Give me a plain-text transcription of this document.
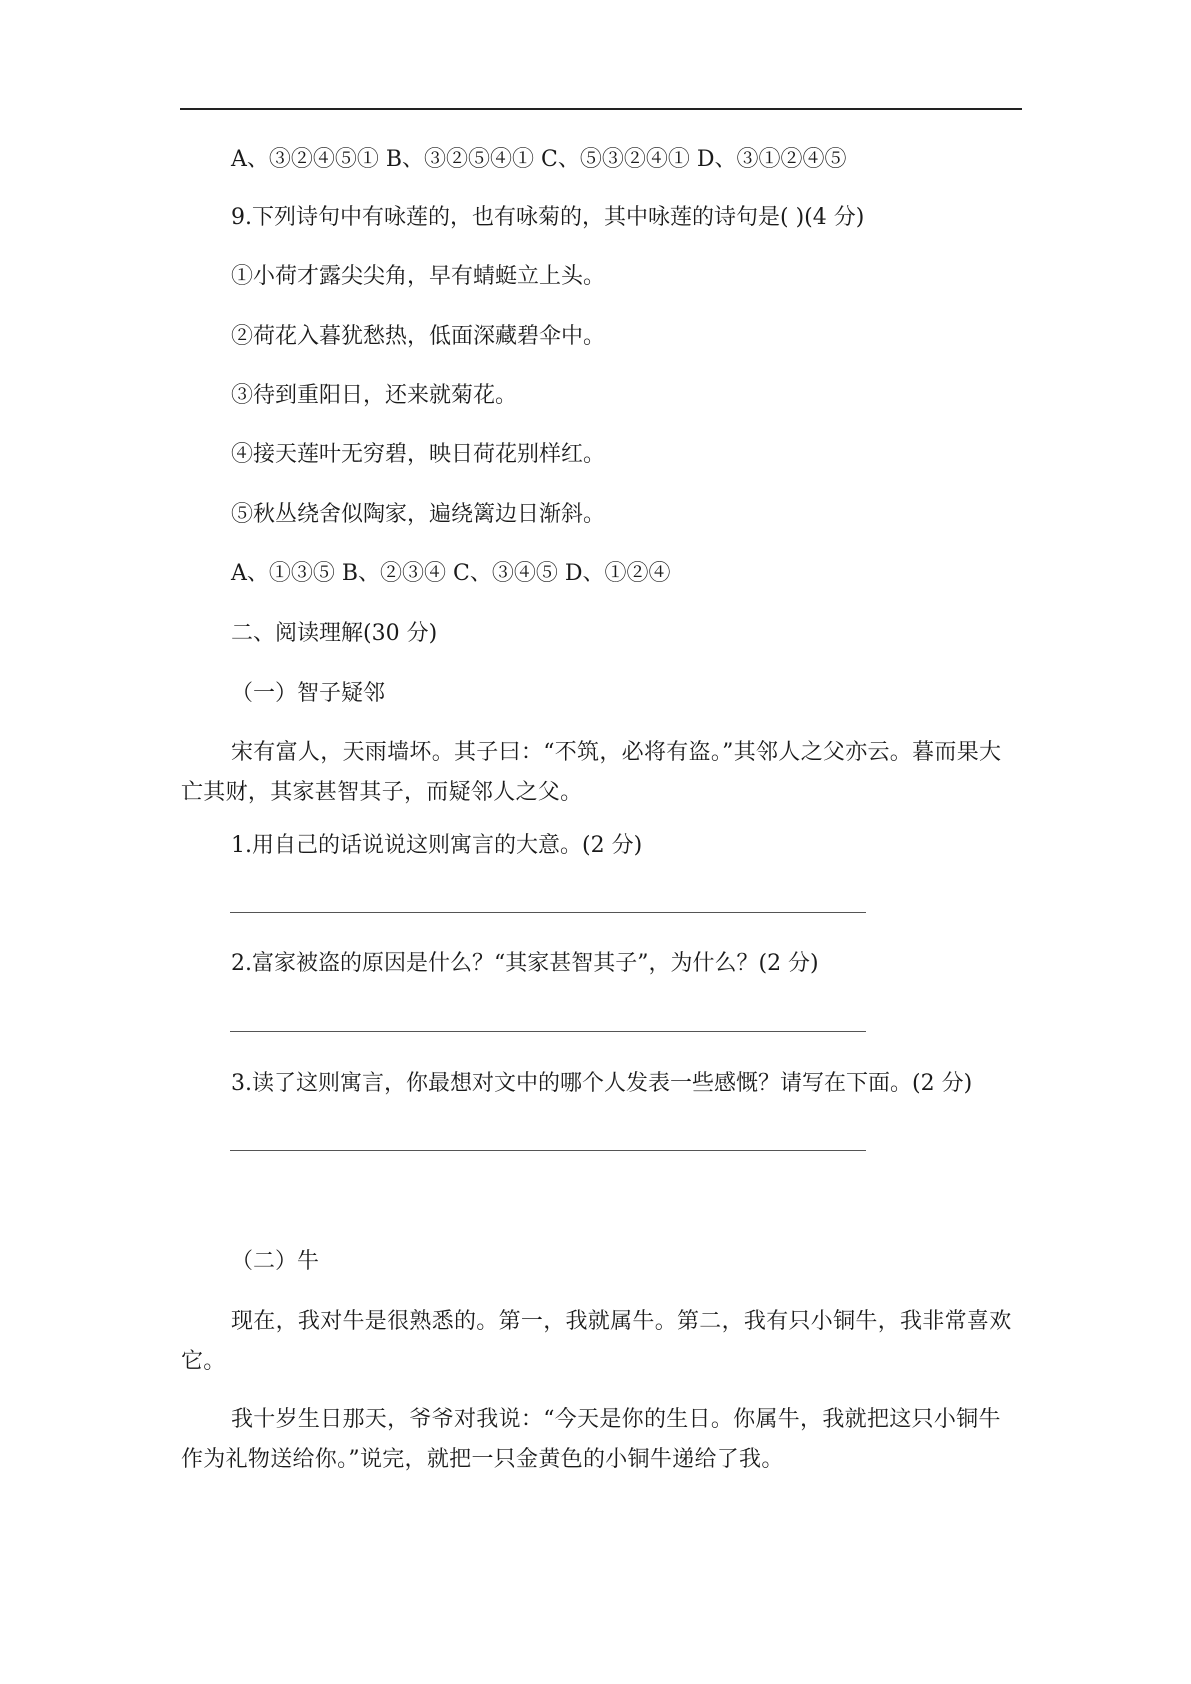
A、③②④⑤① B、③②⑤④① C、⑤③②④① D、③①②④⑤
9.下列诗句中有咏莲的，也有咏菊的，其中咏莲的诗句是( )(4 分)
①小荷才露尖尖角，早有蜻蜓立上头。
②荷花入暮犹愁热，低面深藏碧伞中。
③待到重阳日，还来就菊花。
④接天莲叶无穷碧，映日荷花别样红。
⑤秋丛绕舍似陶家，遍绕篱边日渐斜。
A、①③⑤ B、②③④ C、③④⑤ D、①②④
二、阅读理解(30 分)
（一）智子疑邻
宋有富人，天雨墙坏。其子曰：“不筑，必将有盗。”其邻人之父亦云。暮而果大亡其财，其家甚智其子，而疑邻人之父。
1.用自己的话说说这则寓言的大意。(2 分)
2.富家被盗的原因是什么？“其家甚智其子”，为什么？(2 分)
3.读了这则寓言，你最想对文中的哪个人发表一些感慨？请写在下面。(2 分)
（二）牛
现在，我对牛是很熟悉的。第一，我就属牛。第二，我有只小铜牛，我非常喜欢它。
我十岁生日那天，爷爷对我说：“今天是你的生日。你属牛，我就把这只小铜牛作为礼物送给你。”说完，就把一只金黄色的小铜牛递给了我。
